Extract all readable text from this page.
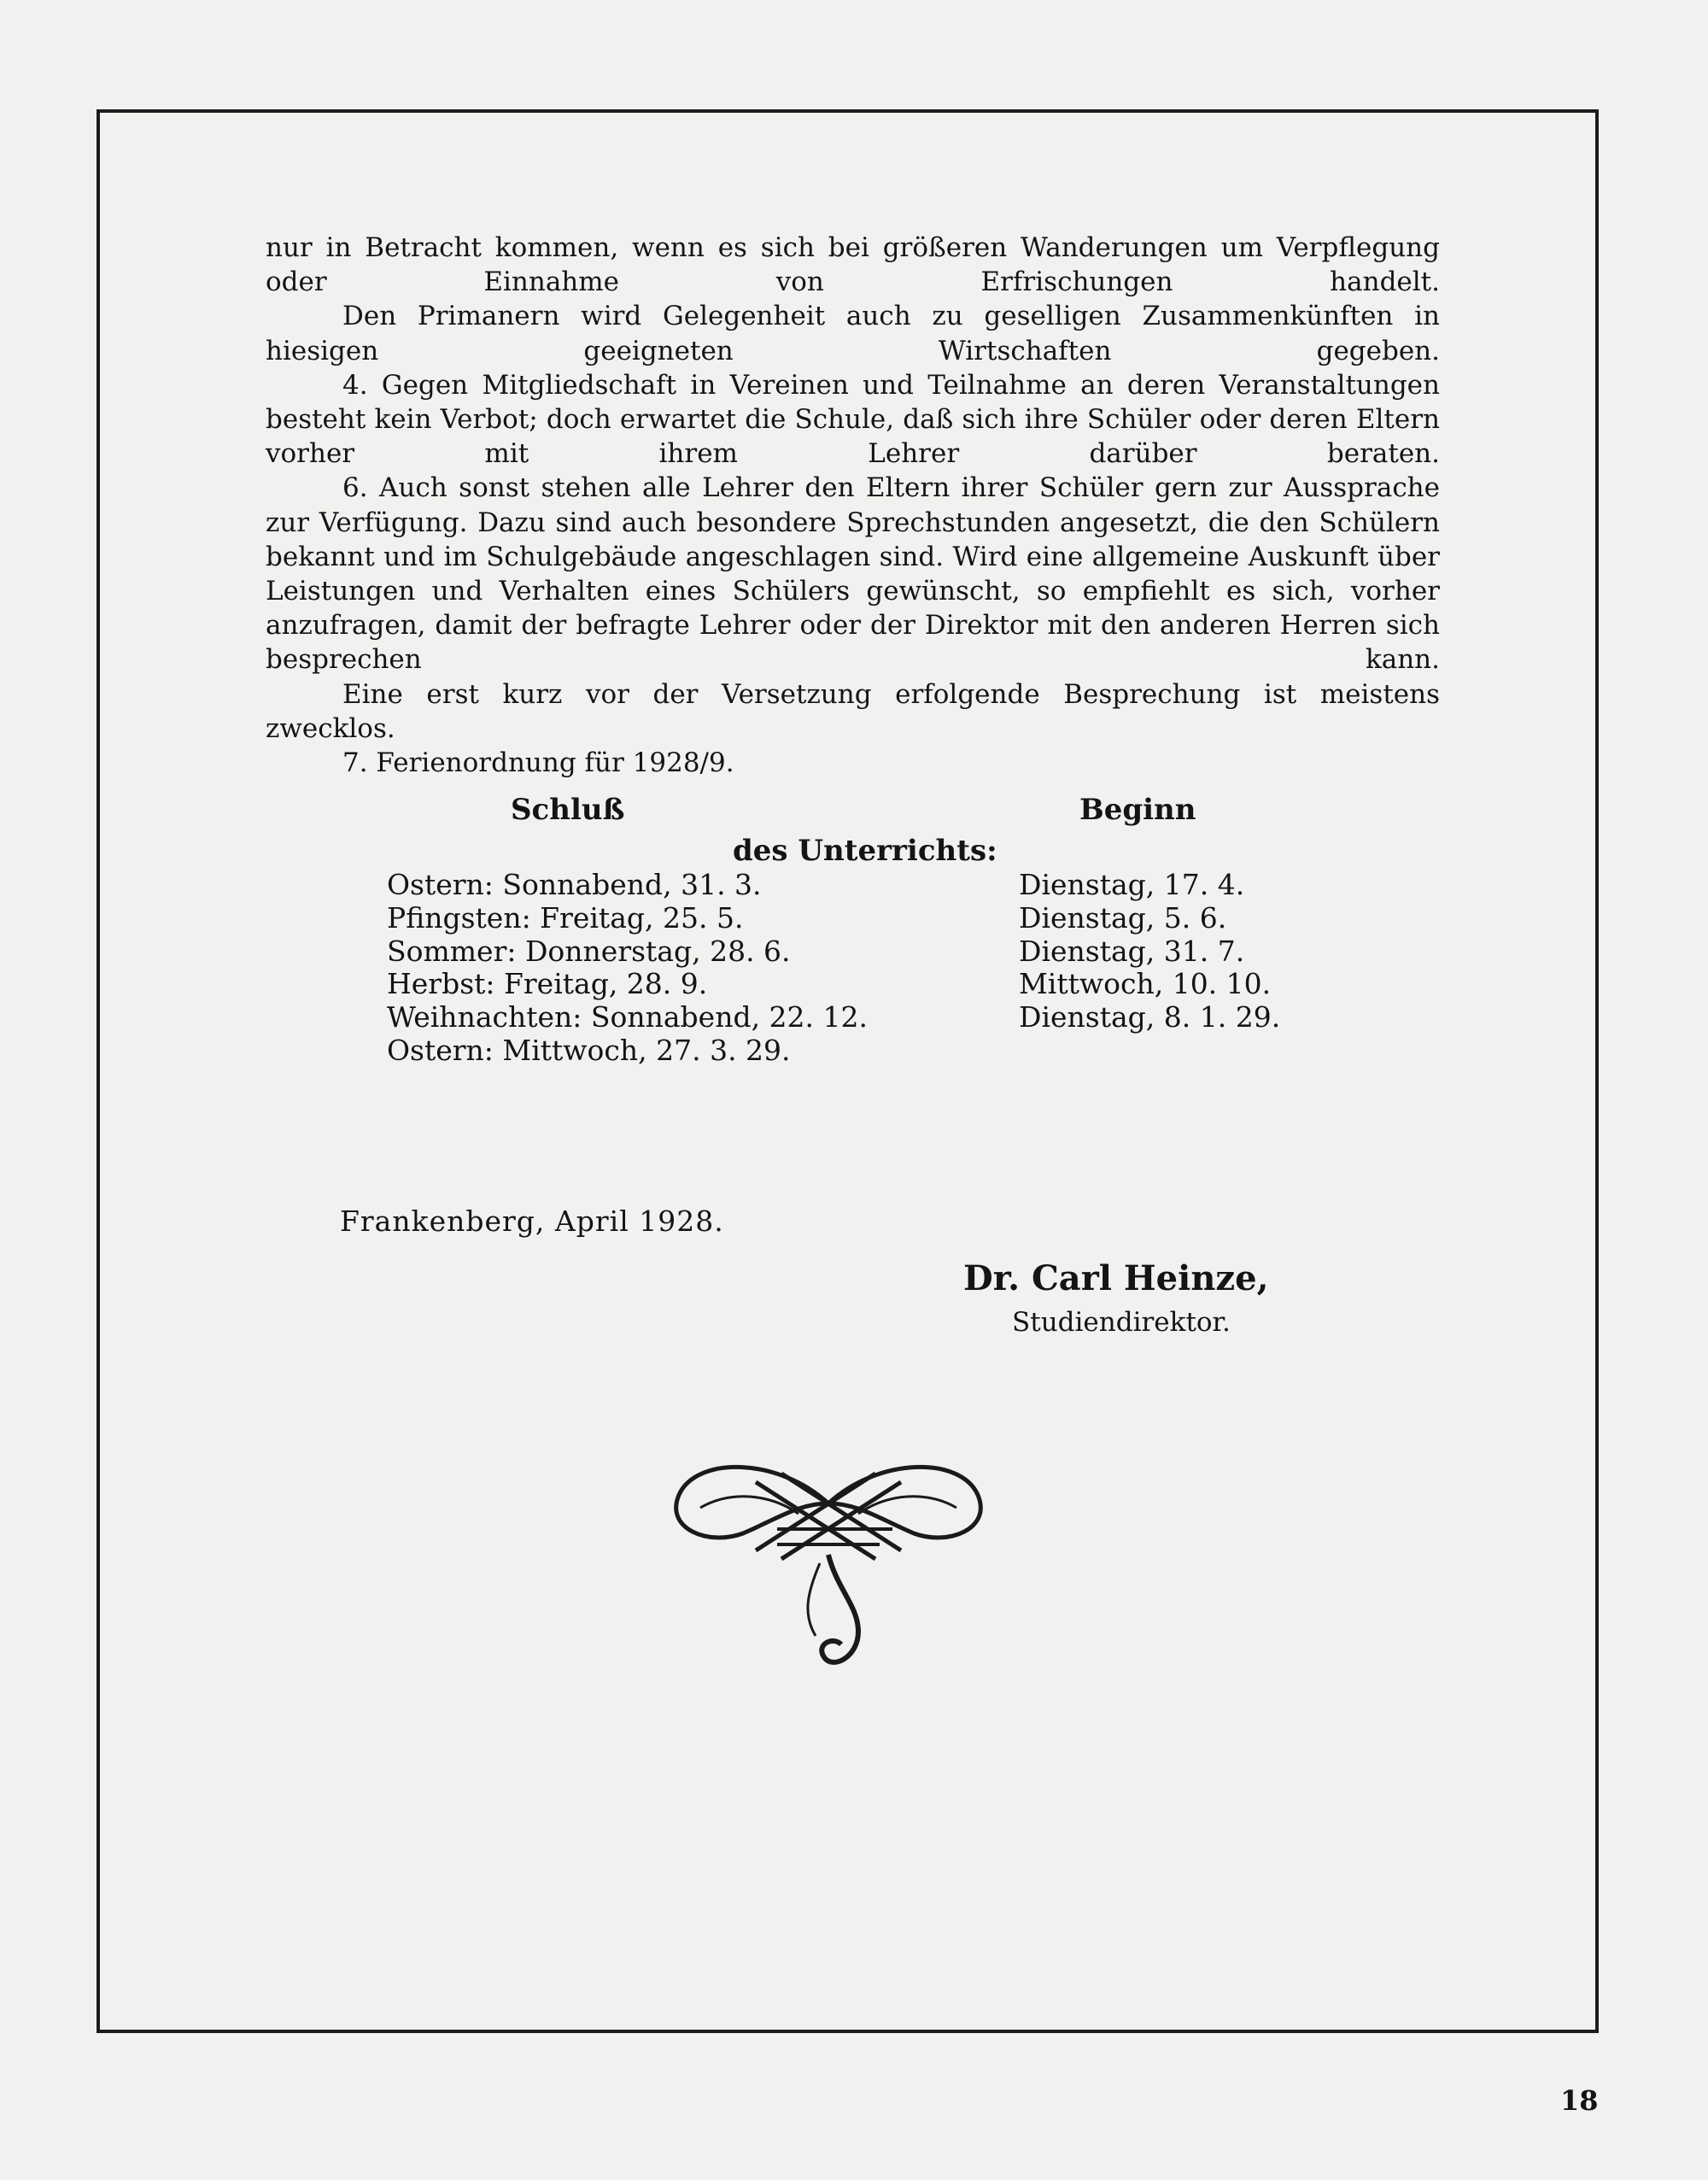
nur in Betracht kommen, wenn es sich bei größeren Wanderungen um Verpflegung oder Einnahme von Erfrischungen handelt.

Den Primanern wird Gelegenheit auch zu geselligen Zusammenkünften in hiesigen geeigneten Wirtschaften gegeben.

4. Gegen Mitgliedschaft in Vereinen und Teilnahme an deren Veranstaltungen besteht kein Verbot; doch erwartet die Schule, daß sich ihre Schüler oder deren Eltern vorher mit ihrem Lehrer darüber beraten.

6. Auch sonst stehen alle Lehrer den Eltern ihrer Schüler gern zur Aussprache zur Verfügung. Dazu sind auch besondere Sprechstunden angesetzt, die den Schülern bekannt und im Schulgebäude angeschlagen sind. Wird eine allgemeine Auskunft über Leistungen und Verhalten eines Schülers gewünscht, so empfiehlt es sich, vorher anzufragen, damit der befragte Lehrer oder der Direktor mit den anderen Herren sich besprechen kann.

Eine erst kurz vor der Versetzung erfolgende Besprechung ist meistens zwecklos.

7. Ferienordnung für 1928/9.

Schluß	Beginn
des Unterrichts:
Ostern: Sonnabend, 31. 3.	Dienstag, 17. 4.
Pfingsten: Freitag, 25. 5.	Dienstag, 5. 6.
Sommer: Donnerstag, 28. 6.	Dienstag, 31. 7.
Herbst: Freitag, 28. 9.	Mittwoch, 10. 10.
Weihnachten: Sonnabend, 22. 12.	Dienstag, 8. 1. 29.
Ostern: Mittwoch, 27. 3. 29.
Frankenberg, April 1928.
Dr. Carl Heinze,
Studiendirektor.
18
